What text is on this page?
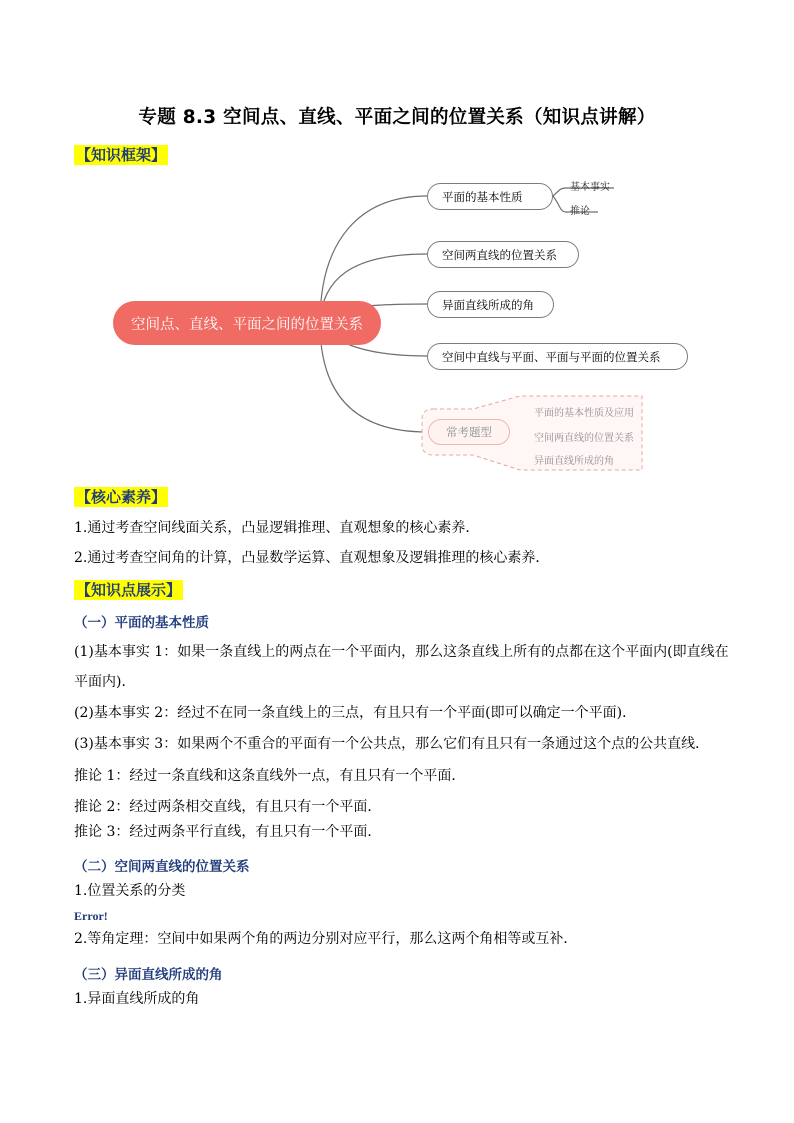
专题 8.3 空间点、直线、平面之间的位置关系（知识点讲解）
【知识框架】
空间点、直线、平面之间的位置关系
平面的基本性质
空间两直线的位置关系
异面直线所成的角
空间中直线与平面、平面与平面的位置关系
基本事实
推论
常考题型
平面的基本性质及应用
空间两直线的位置关系
异面直线所成的角
【核心素养】
1.通过考查空间线面关系，凸显逻辑推理、直观想象的核心素养．
2.通过考查空间角的计算，凸显数学运算、直观想象及逻辑推理的核心素养．
【知识点展示】
（一）平面的基本性质
(1)基本事实 1：如果一条直线上的两点在一个平面内，那么这条直线上所有的点都在这个平面内(即直线在
平面内)．
(2)基本事实 2：经过不在同一条直线上的三点，有且只有一个平面(即可以确定一个平面)．
(3)基本事实 3：如果两个不重合的平面有一个公共点，那么它们有且只有一条通过这个点的公共直线．
推论 1：经过一条直线和这条直线外一点，有且只有一个平面．
推论 2：经过两条相交直线，有且只有一个平面．
推论 3：经过两条平行直线，有且只有一个平面．
（二）空间两直线的位置关系
1.位置关系的分类
Error!
2.等角定理：空间中如果两个角的两边分别对应平行，那么这两个角相等或互补．
（三）异面直线所成的角
1.异面直线所成的角
